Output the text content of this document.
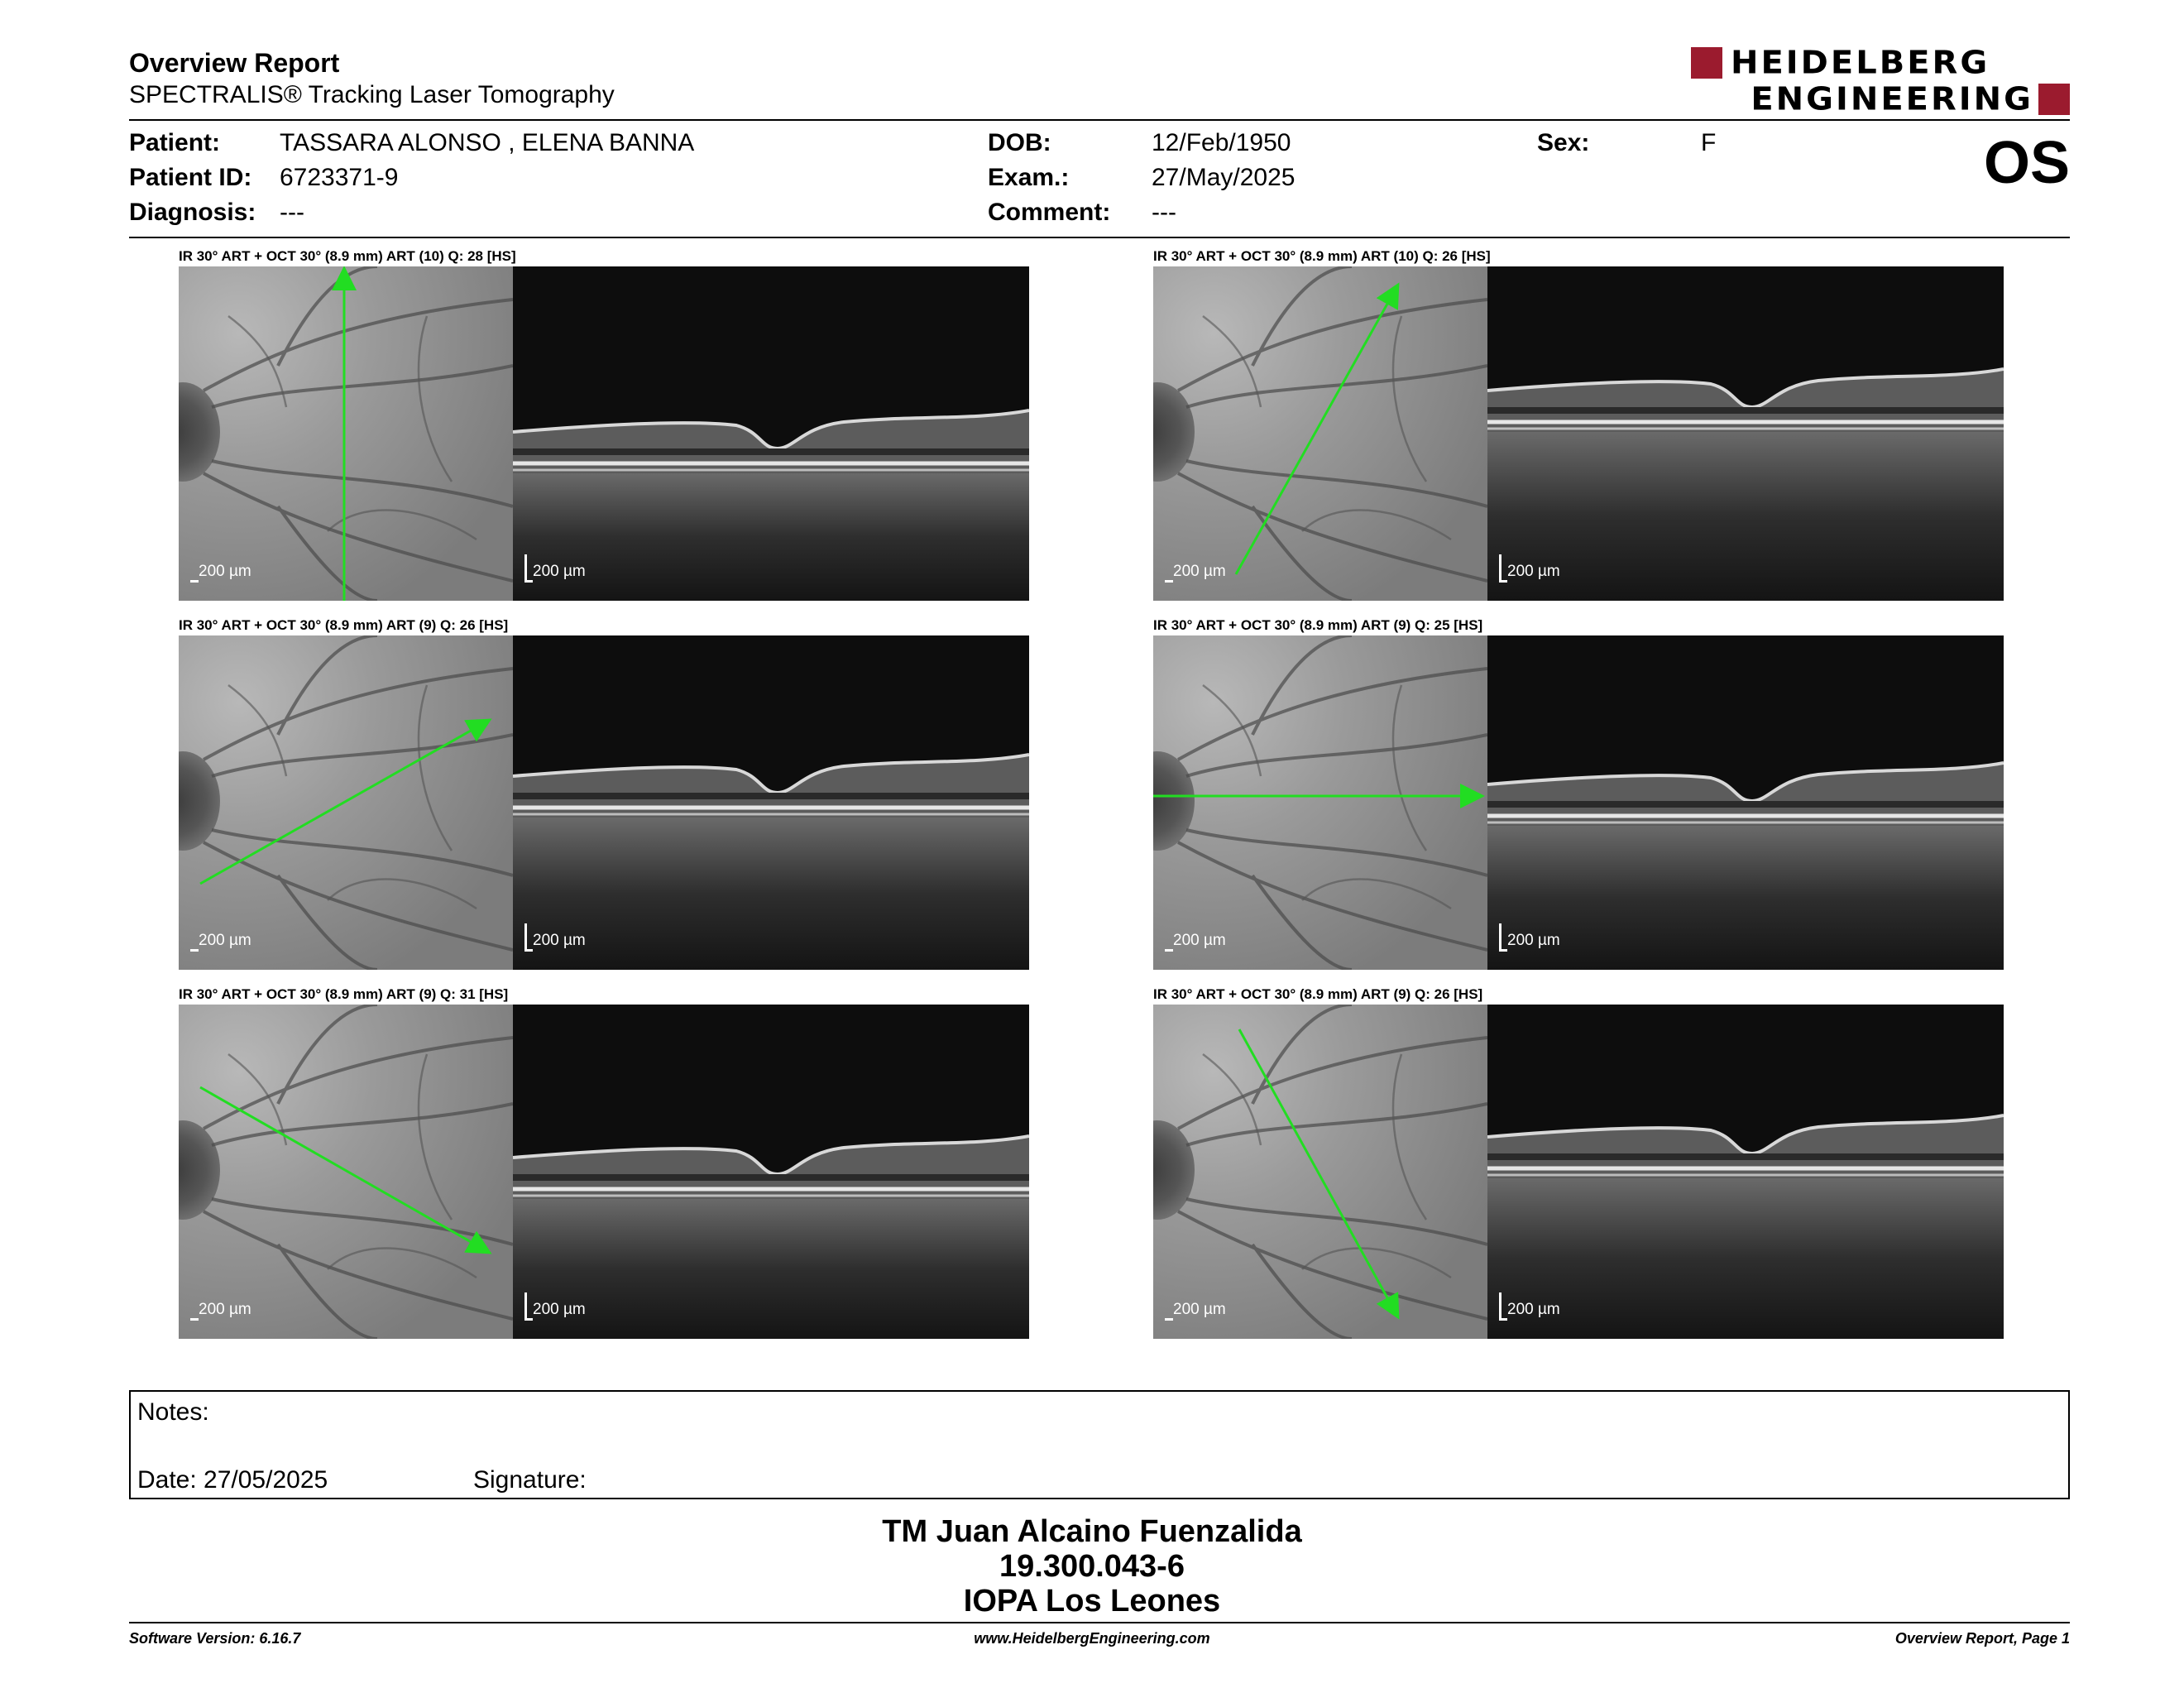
Overview Report
SPECTRALIS® Tracking Laser Tomography
HEIDELBERG
ENGINEERING
Patient: TASSARA ALONSO , ELENA BANNA
Patient ID: 6723371-9
Diagnosis: ---
DOB:	12/Feb/1950
Exam.:	27/May/2025
Comment: ---
Sex:	F	OS
IR 30° ART + OCT 30° (8.9 mm) ART (10) Q: 28 [HS]
200 µm	200 µm
IR 30° ART + OCT 30° (8.9 mm) ART (10) Q: 26 [HS]
200 µm	200 µm
IR 30° ART + OCT 30° (8.9 mm) ART (9) Q: 26 [HS]
200 µm	200 µm
IR 30° ART + OCT 30° (8.9 mm) ART (9) Q: 25 [HS]
200 µm	200 µm
IR 30° ART + OCT 30° (8.9 mm) ART (9) Q: 31 [HS]
200 µm	200 µm
IR 30° ART + OCT 30° (8.9 mm) ART (9) Q: 26 [HS]
200 µm	200 µm
Notes:
Date: 27/05/2025	Signature:
TM Juan Alcaino Fuenzalida
19.300.043-6
IOPA Los Leones
Software Version: 6.16.7	www.HeidelbergEngineering.com	Overview Report, Page 1
